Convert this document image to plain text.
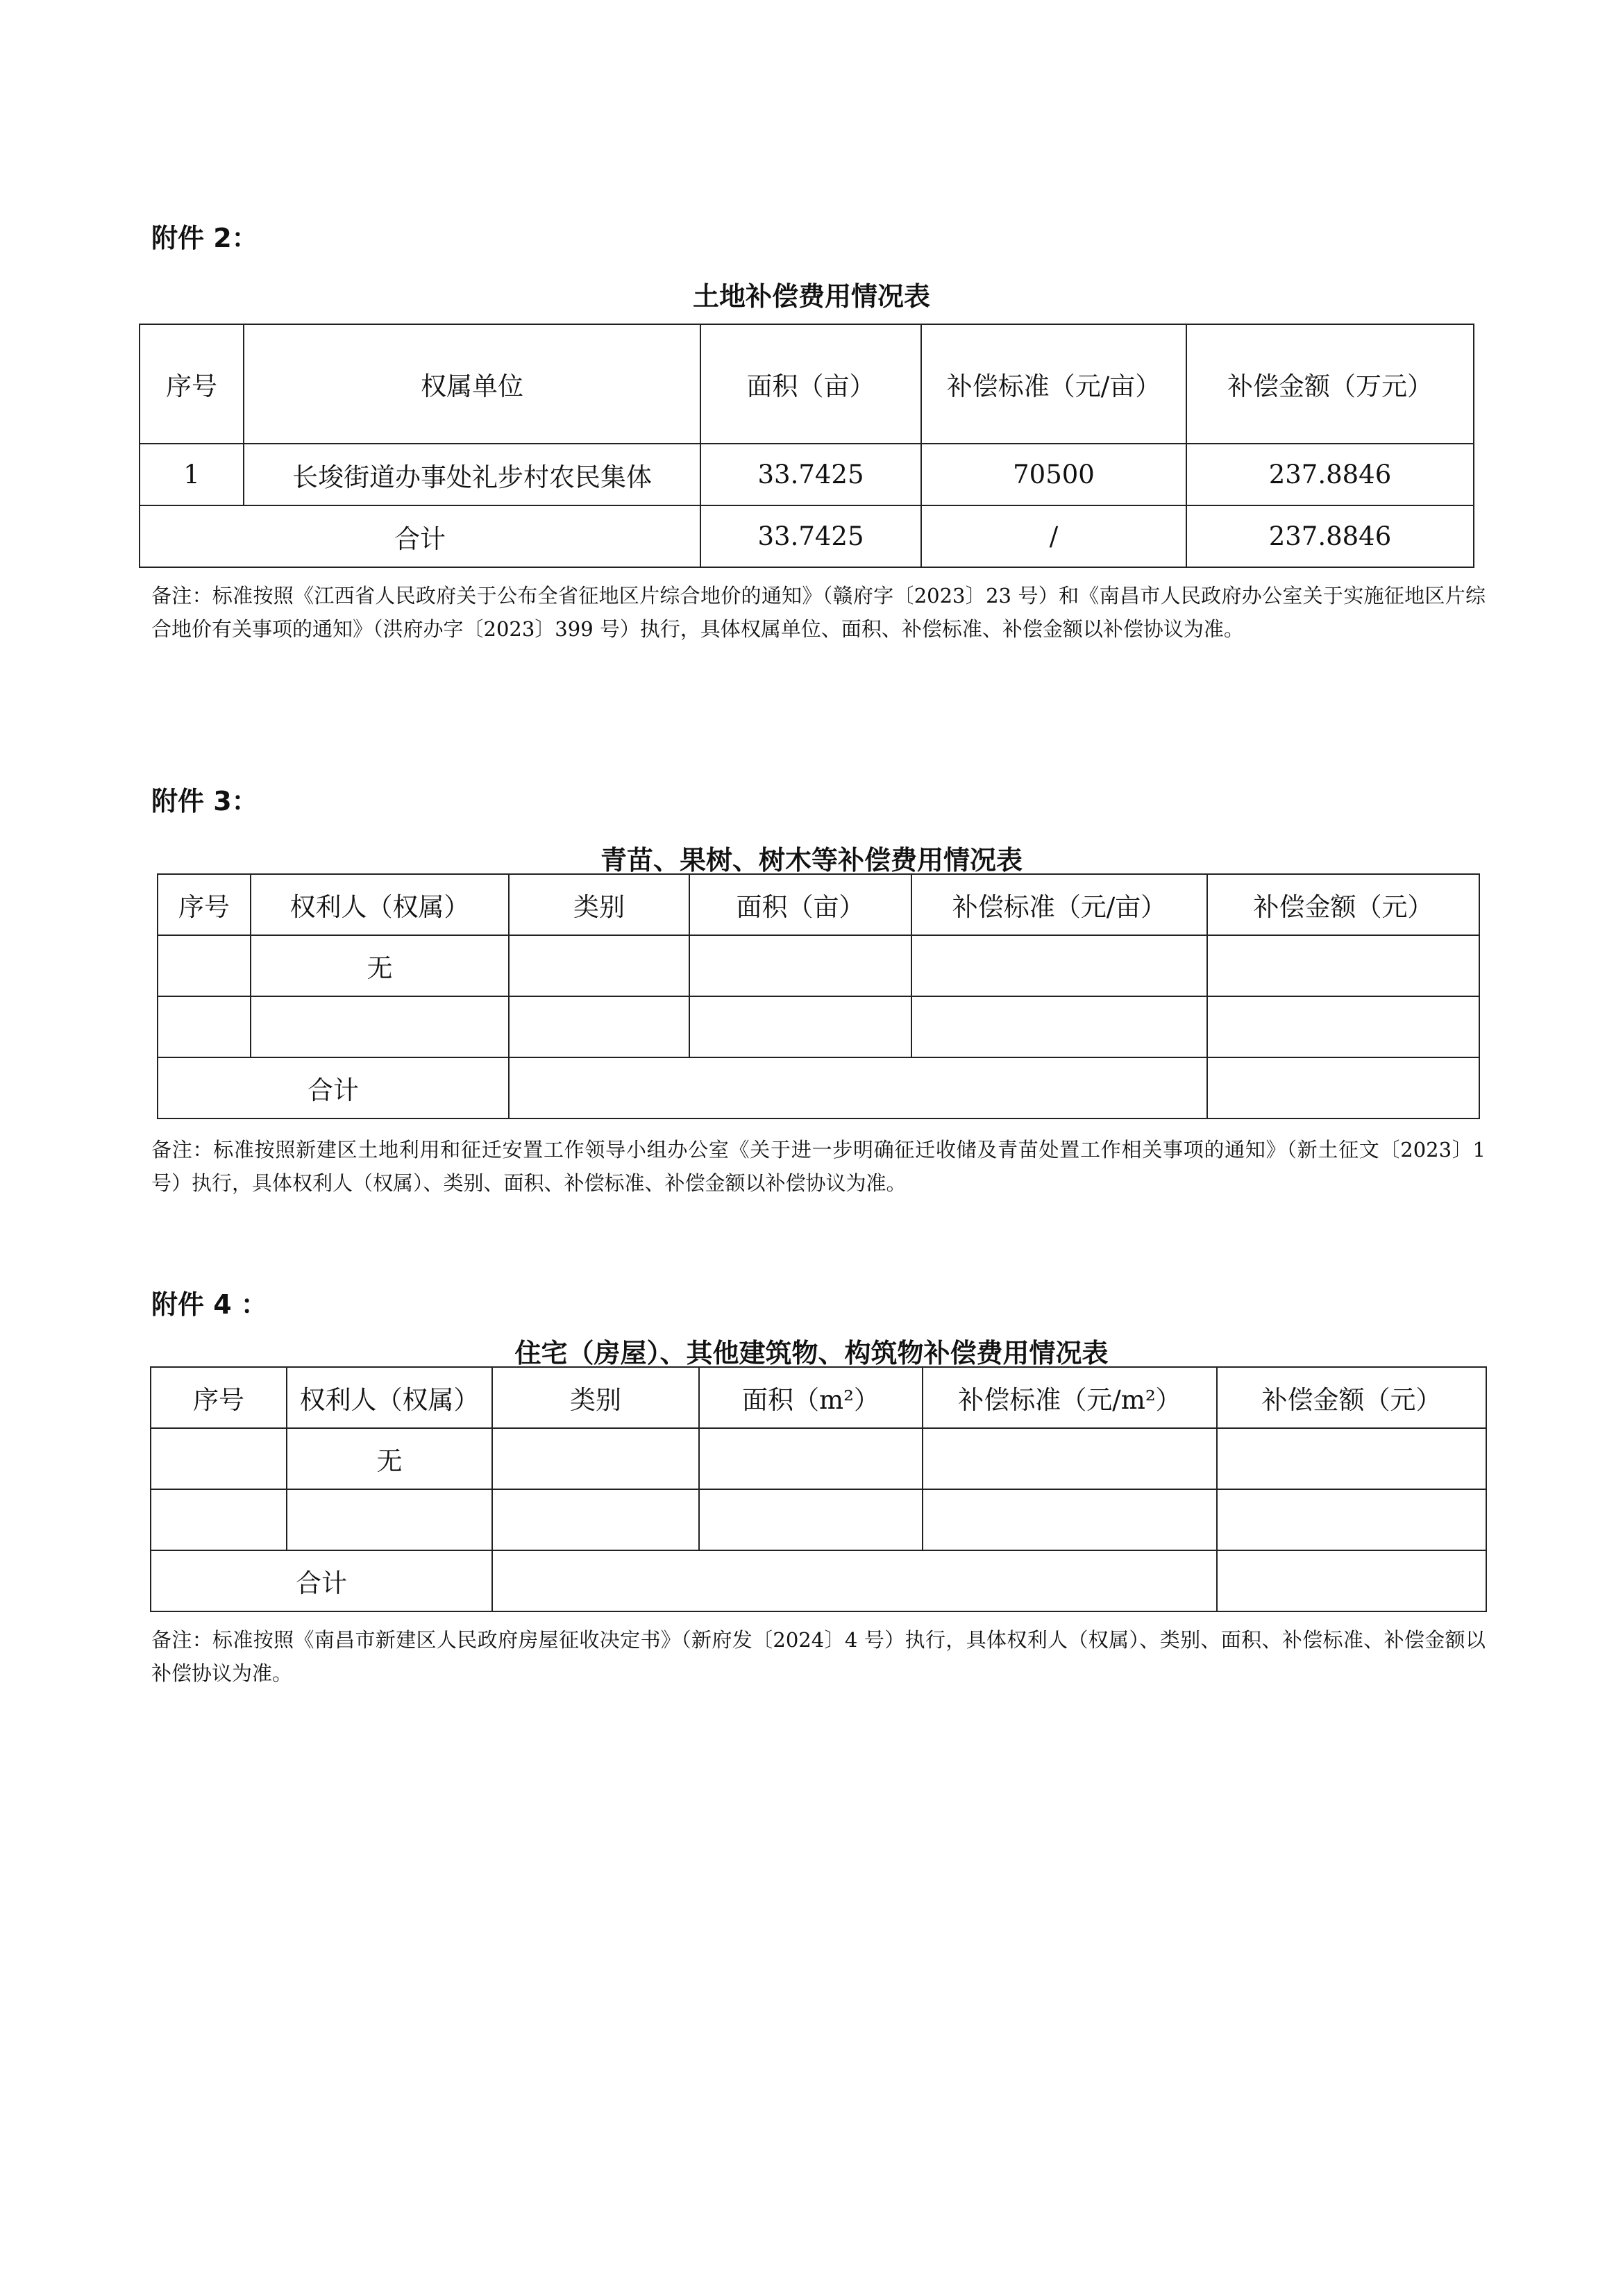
附件 2：
土地补偿费用情况表
序号	权属单位	面积（亩）	补偿标准（元/亩）	补偿金额（万元）
1	长埈街道办事处礼步村农民集体	33.7425	70500	237.8846
合计		33.7425	/	237.8846
备注：标准按照《江西省人民政府关于公布全省征地区片综合地价的通知》（赣府字〔2023〕23 号）和《南昌市人民政府办公室关于实施征地区片综合地价有关事项的通知》（洪府办字〔2023〕399 号）执行，具体权属单位、面积、补偿标准、补偿金额以补偿协议为准。
附件 3：
青苗、果树、树木等补偿费用情况表
序号	权利人（权属）	类别	面积（亩）	补偿标准（元/亩）	补偿金额（元）
	无				

合计					
备注：标准按照新建区土地利用和征迁安置工作领导小组办公室《关于进一步明确征迁收储及青苗处置工作相关事项的通知》（新土征文〔2023〕1 号）执行，具体权利人（权属）、类别、面积、补偿标准、补偿金额以补偿协议为准。
附件 4 ：
住宅（房屋）、其他建筑物、构筑物补偿费用情况表
序号	权利人（权属）	类别	面积（m²）	补偿标准（元/m²）	补偿金额（元）
	无				

合计					
备注：标准按照《南昌市新建区人民政府房屋征收决定书》（新府发〔2024〕4 号）执行，具体权利人（权属）、类别、面积、补偿标准、补偿金额以补偿协议为准。
